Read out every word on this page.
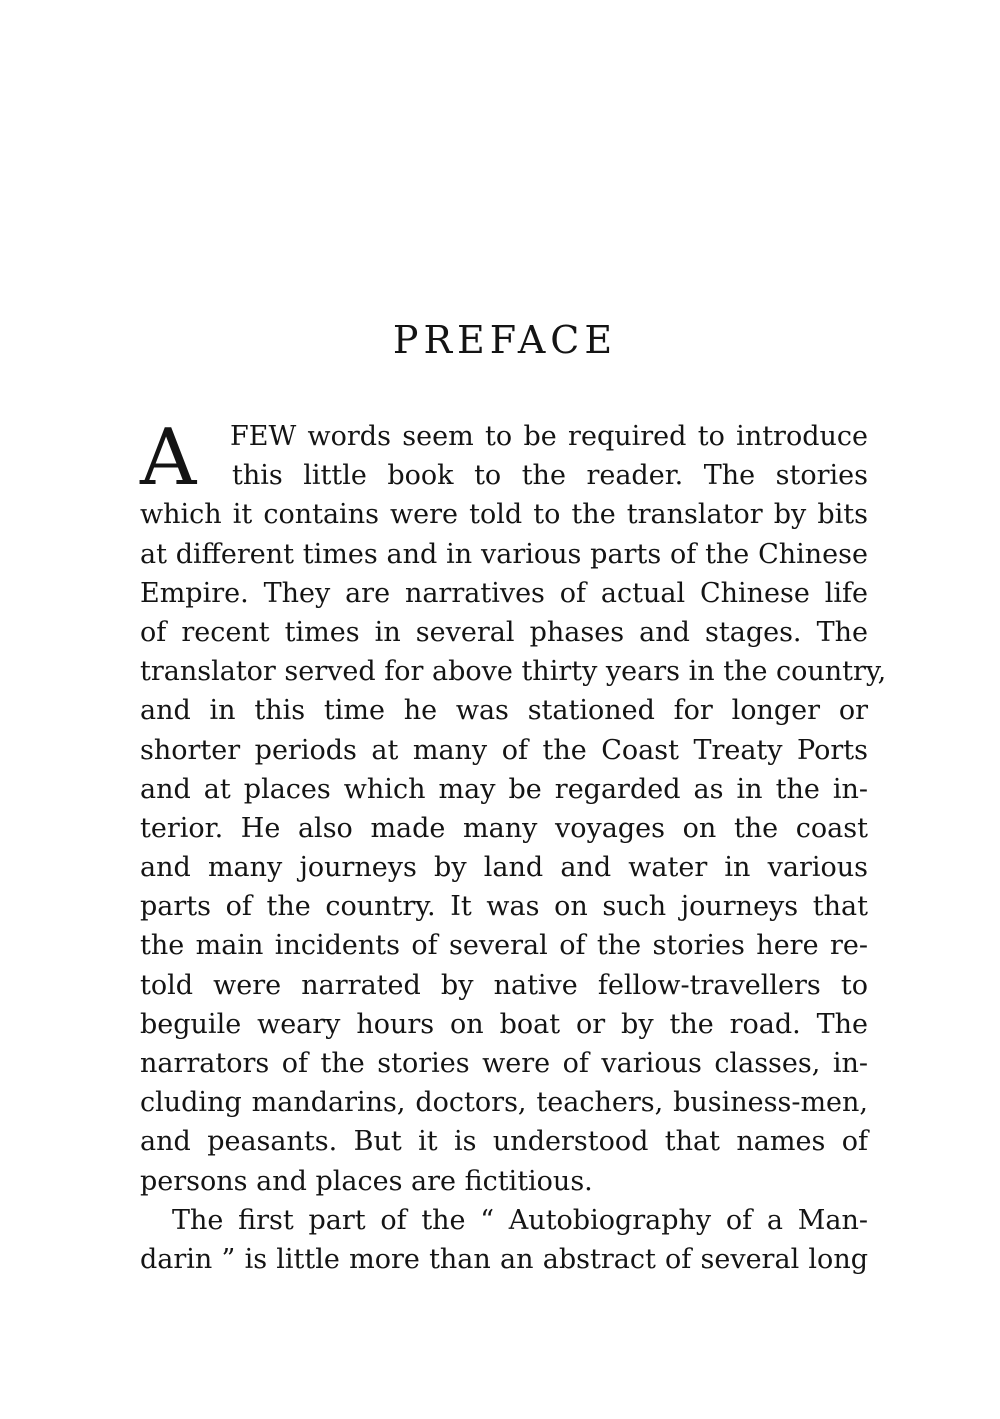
PREFACE
A	FEW words seem to be required to introduce
this little book to the reader. The stories
which it contains were told to the translator by bits
at different times and in various parts of the Chinese
Empire. They are narratives of actual Chinese life
of recent times in several phases and stages. The
translator served for above thirty years in the country,
and in this time he was stationed for longer or
shorter periods at many of the Coast Treaty Ports
and at places which may be regarded as in the in-
terior. He also made many voyages on the coast
and many journeys by land and water in various
parts of the country. It was on such journeys that
the main incidents of several of the stories here re-
told were narrated by native fellow-travellers to
beguile weary hours on boat or by the road. The
narrators of the stories were of various classes, in-
cluding mandarins, doctors, teachers, business-men,
and peasants. But it is understood that names of
persons and places are fictitious.
The first part of the “ Autobiography of a Man-
darin ” is little more than an abstract of several long
